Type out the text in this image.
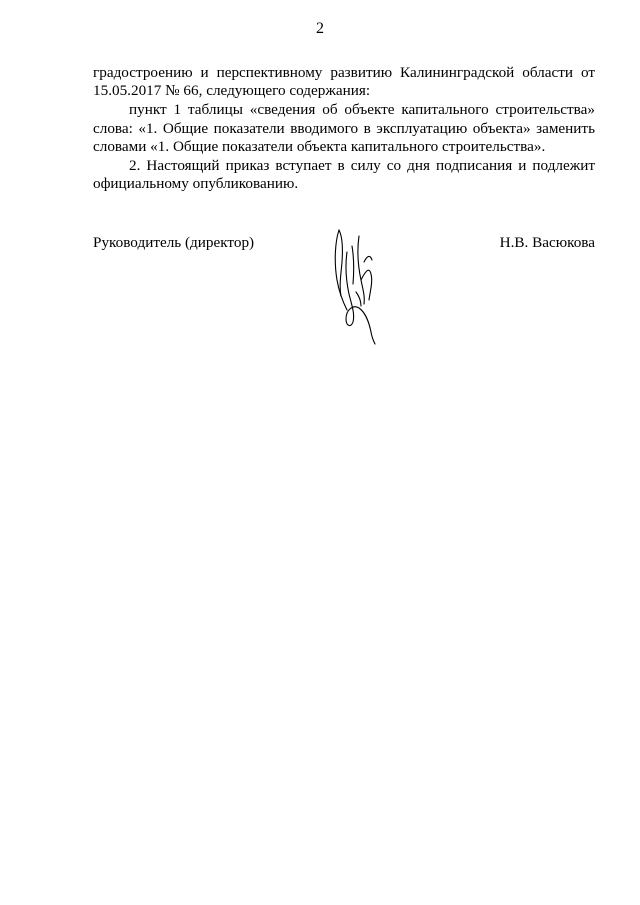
2

градостроению и перспективному развитию Калининградской области от 15.05.2017 № 66, следующего содержания:

пункт 1 таблицы «сведения об объекте капитального строительства» слова: «1. Общие показатели вводимого в эксплуатацию объекта» заменить словами «1. Общие показатели объекта капитального строительства».

2. Настоящий приказ вступает в силу со дня подписания и подлежит официальному опубликованию.

Руководитель (директор)	Н.В. Васюкова
